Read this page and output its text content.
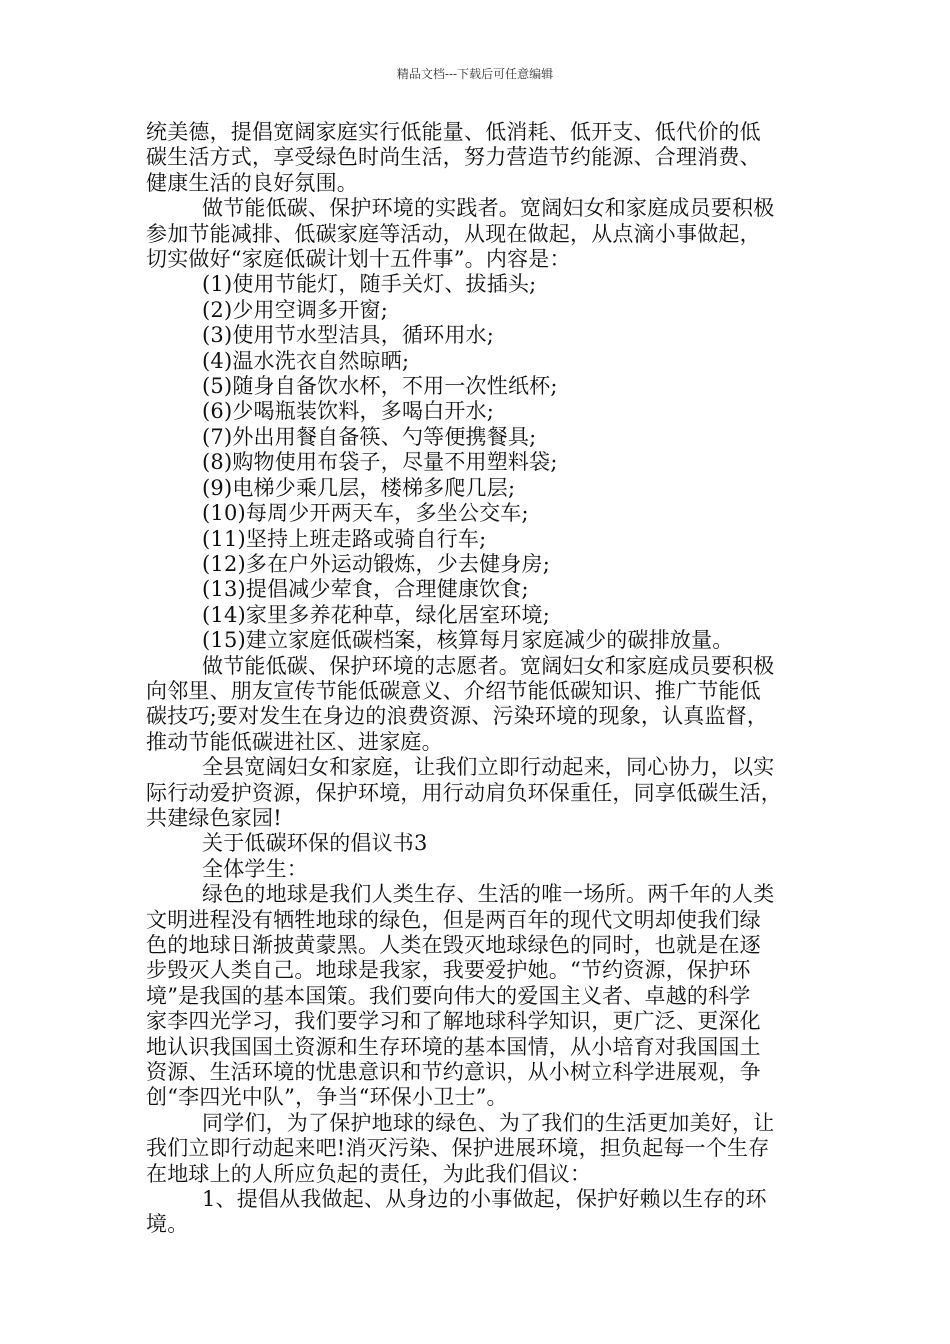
精品文档---下载后可任意编辑
统美德，提倡宽阔家庭实行低能量、低消耗、低开支、低代价的低
碳生活方式，享受绿色时尚生活，努力营造节约能源、合理消费、
健康生活的良好氛围。
做节能低碳、保护环境的实践者。宽阔妇女和家庭成员要积极
参加节能减排、低碳家庭等活动，从现在做起，从点滴小事做起，
切实做好“家庭低碳计划十五件事”。内容是：
(1)使用节能灯，随手关灯、拔插头;
(2)少用空调多开窗;
(3)使用节水型洁具，循环用水;
(4)温水洗衣自然晾晒;
(5)随身自备饮水杯，不用一次性纸杯;
(6)少喝瓶装饮料，多喝白开水;
(7)外出用餐自备筷、勺等便携餐具;
(8)购物使用布袋子，尽量不用塑料袋;
(9)电梯少乘几层，楼梯多爬几层;
(10)每周少开两天车，多坐公交车;
(11)坚持上班走路或骑自行车;
(12)多在户外运动锻炼，少去健身房;
(13)提倡减少荤食，合理健康饮食;
(14)家里多养花种草，绿化居室环境;
(15)建立家庭低碳档案，核算每月家庭减少的碳排放量。
做节能低碳、保护环境的志愿者。宽阔妇女和家庭成员要积极
向邻里、朋友宣传节能低碳意义、介绍节能低碳知识、推广节能低
碳技巧;要对发生在身边的浪费资源、污染环境的现象，认真监督，
推动节能低碳进社区、进家庭。
全县宽阔妇女和家庭，让我们立即行动起来，同心协力，以实
际行动爱护资源，保护环境，用行动肩负环保重任，同享低碳生活，
共建绿色家园!
关于低碳环保的倡议书3
全体学生：
绿色的地球是我们人类生存、生活的唯一场所。两千年的人类
文明进程没有牺牲地球的绿色，但是两百年的现代文明却使我们绿
色的地球日渐披黄蒙黑。人类在毁灭地球绿色的同时，也就是在逐
步毁灭人类自己。地球是我家，我要爱护她。“节约资源，保护环
境”是我国的基本国策。我们要向伟大的爱国主义者、卓越的科学
家李四光学习，我们要学习和了解地球科学知识，更广泛、更深化
地认识我国国土资源和生存环境的基本国情，从小培育对我国国土
资源、生活环境的忧患意识和节约意识，从小树立科学进展观，争
创“李四光中队”，争当“环保小卫士”。
同学们，为了保护地球的绿色、为了我们的生活更加美好，让
我们立即行动起来吧!消灭污染、保护进展环境，担负起每一个生存
在地球上的人所应负起的责任，为此我们倡议：
1、提倡从我做起、从身边的小事做起，保护好赖以生存的环
境。
